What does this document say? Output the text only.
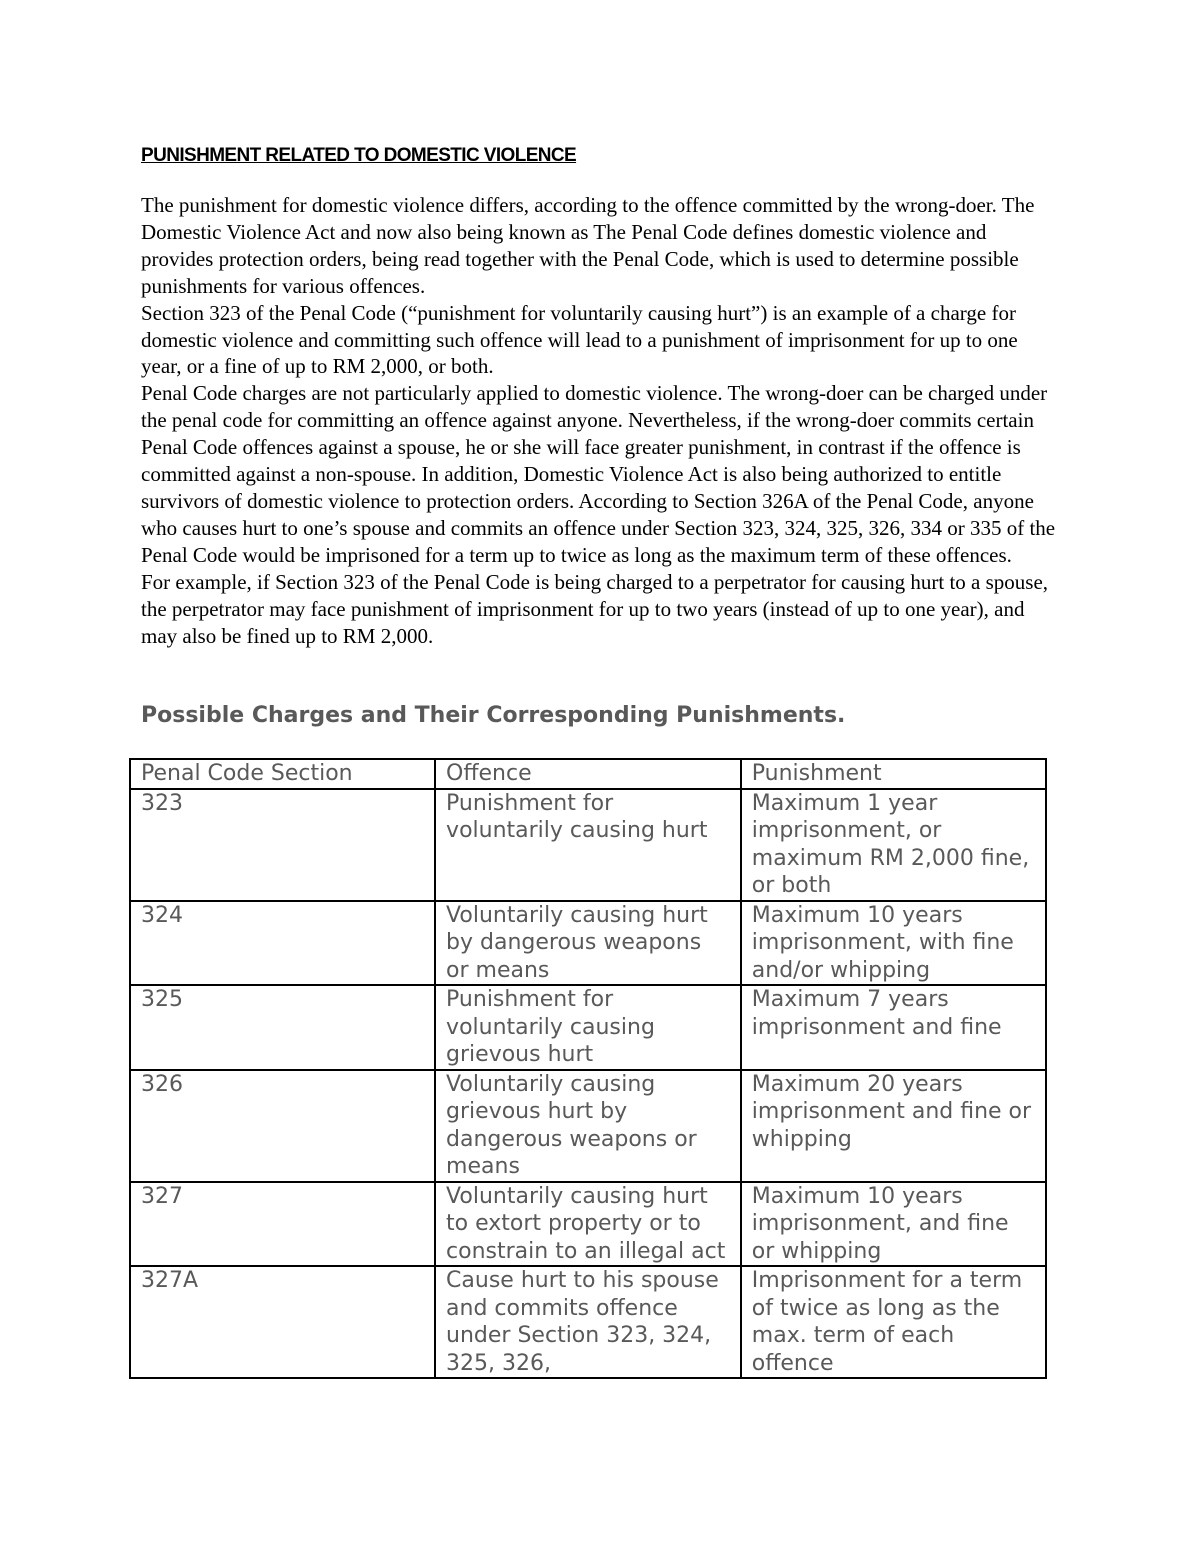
PUNISHMENT RELATED TO DOMESTIC VIOLENCE

The punishment for domestic violence differs, according to the offence committed by the wrong-doer. The Domestic Violence Act and now also being known as The Penal Code defines domestic violence and provides protection orders, being read together with the Penal Code, which is used to determine possible punishments for various offences.

Section 323 of the Penal Code (“punishment for voluntarily causing hurt”) is an example of a charge for domestic violence and committing such offence will lead to a punishment of imprisonment for up to one year, or a fine of up to RM 2,000, or both.

Penal Code charges are not particularly applied to domestic violence. The wrong-doer can be charged under the penal code for committing an offence against anyone. Nevertheless, if the wrong-doer commits certain Penal Code offences against a spouse, he or she will face greater punishment, in contrast if the offence is committed against a non-spouse. In addition, Domestic Violence Act is also being authorized to entitle survivors of domestic violence to protection orders. According to Section 326A of the Penal Code, anyone who causes hurt to one’s spouse and commits an offence under Section 323, 324, 325, 326, 334 or 335 of the Penal Code would be imprisoned for a term up to twice as long as the maximum term of these offences.

For example, if Section 323 of the Penal Code is being charged to a perpetrator for causing hurt to a spouse, the perpetrator may face punishment of imprisonment for up to two years (instead of up to one year), and may also be fined up to RM 2,000.

Possible Charges and Their Corresponding Punishments.
Penal Code Section	Offence	Punishment
323	Punishment for voluntarily causing hurt	Maximum 1 year imprisonment, or maximum RM 2,000 fine, or both
324	Voluntarily causing hurt by dangerous weapons or means	Maximum 10 years imprisonment, with fine and/or whipping
325	Punishment for voluntarily causing grievous hurt	Maximum 7 years imprisonment and fine
326	Voluntarily causing grievous hurt by dangerous weapons or means	Maximum 20 years imprisonment and fine or whipping
327	Voluntarily causing hurt to extort property or to constrain to an illegal act	Maximum 10 years imprisonment, and fine or whipping
327A	Cause hurt to his spouse and commits offence under Section 323, 324, 325, 326,	Imprisonment for a term of twice as long as the max. term of each offence
